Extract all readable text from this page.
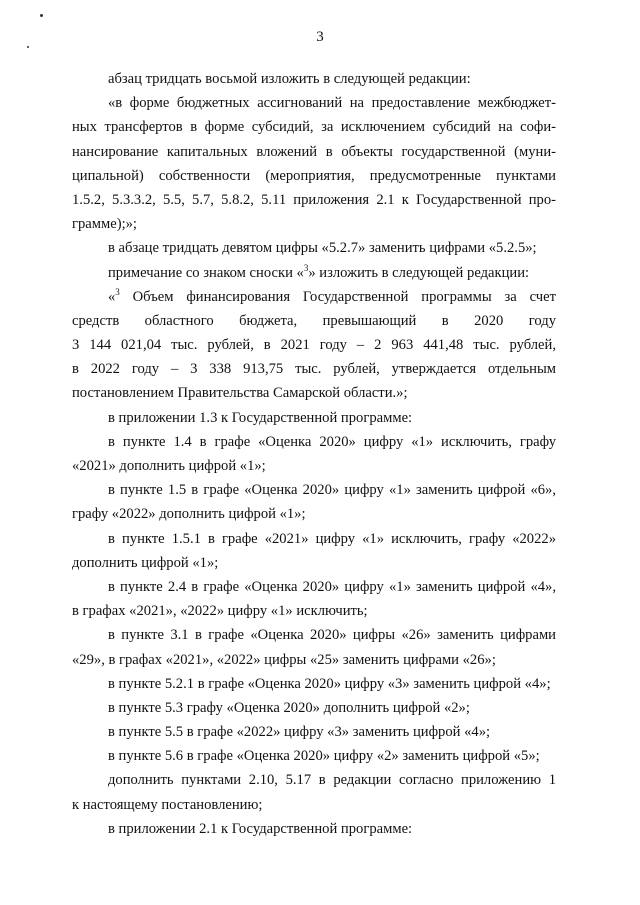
3
абзац тридцать восьмой изложить в следующей редакции:
«в форме бюджетных ассигнований на предоставление межбюджет-
ных трансфертов в форме субсидий, за исключением субсидий на софи-
нансирование капитальных вложений в объекты государственной (муни-
ципальной) собственности (мероприятия, предусмотренные пунктами
1.5.2, 5.3.3.2, 5.5, 5.7, 5.8.2, 5.11 приложения 2.1 к Государственной про-
грамме);»;
в абзаце тридцать девятом цифры «5.2.7» заменить цифрами «5.2.5»;
примечание со знаком сноски «$^3$» изложить в следующей редакции:
«$^3$ Объем финансирования Государственной программы за счет
средств областного бюджета, превышающий в 2020 году
3 144 021,04 тыс. рублей, в 2021 году – 2 963 441,48 тыс. рублей,
в 2022 году – 3 338 913,75 тыс. рублей, утверждается отдельным
постановлением Правительства Самарской области.»;
в приложении 1.3 к Государственной программе:
в пункте 1.4 в графе «Оценка 2020» цифру «1» исключить, графу
«2021» дополнить цифрой «1»;
в пункте 1.5 в графе «Оценка 2020» цифру «1» заменить цифрой «6»,
графу «2022» дополнить цифрой «1»;
в пункте 1.5.1 в графе «2021» цифру «1» исключить, графу «2022»
дополнить цифрой «1»;
в пункте 2.4 в графе «Оценка 2020» цифру «1» заменить цифрой «4»,
в графах «2021», «2022» цифру «1» исключить;
в пункте 3.1 в графе «Оценка 2020» цифры «26» заменить цифрами
«29», в графах «2021», «2022» цифры «25» заменить цифрами «26»;
в пункте 5.2.1 в графе «Оценка 2020» цифру «3» заменить цифрой «4»;
в пункте 5.3 графу «Оценка 2020» дополнить цифрой «2»;
в пункте 5.5 в графе «2022» цифру «3» заменить цифрой «4»;
в пункте 5.6 в графе «Оценка 2020» цифру «2» заменить цифрой «5»;
дополнить пунктами 2.10, 5.17 в редакции согласно приложению 1
к настоящему постановлению;
в приложении 2.1 к Государственной программе:
